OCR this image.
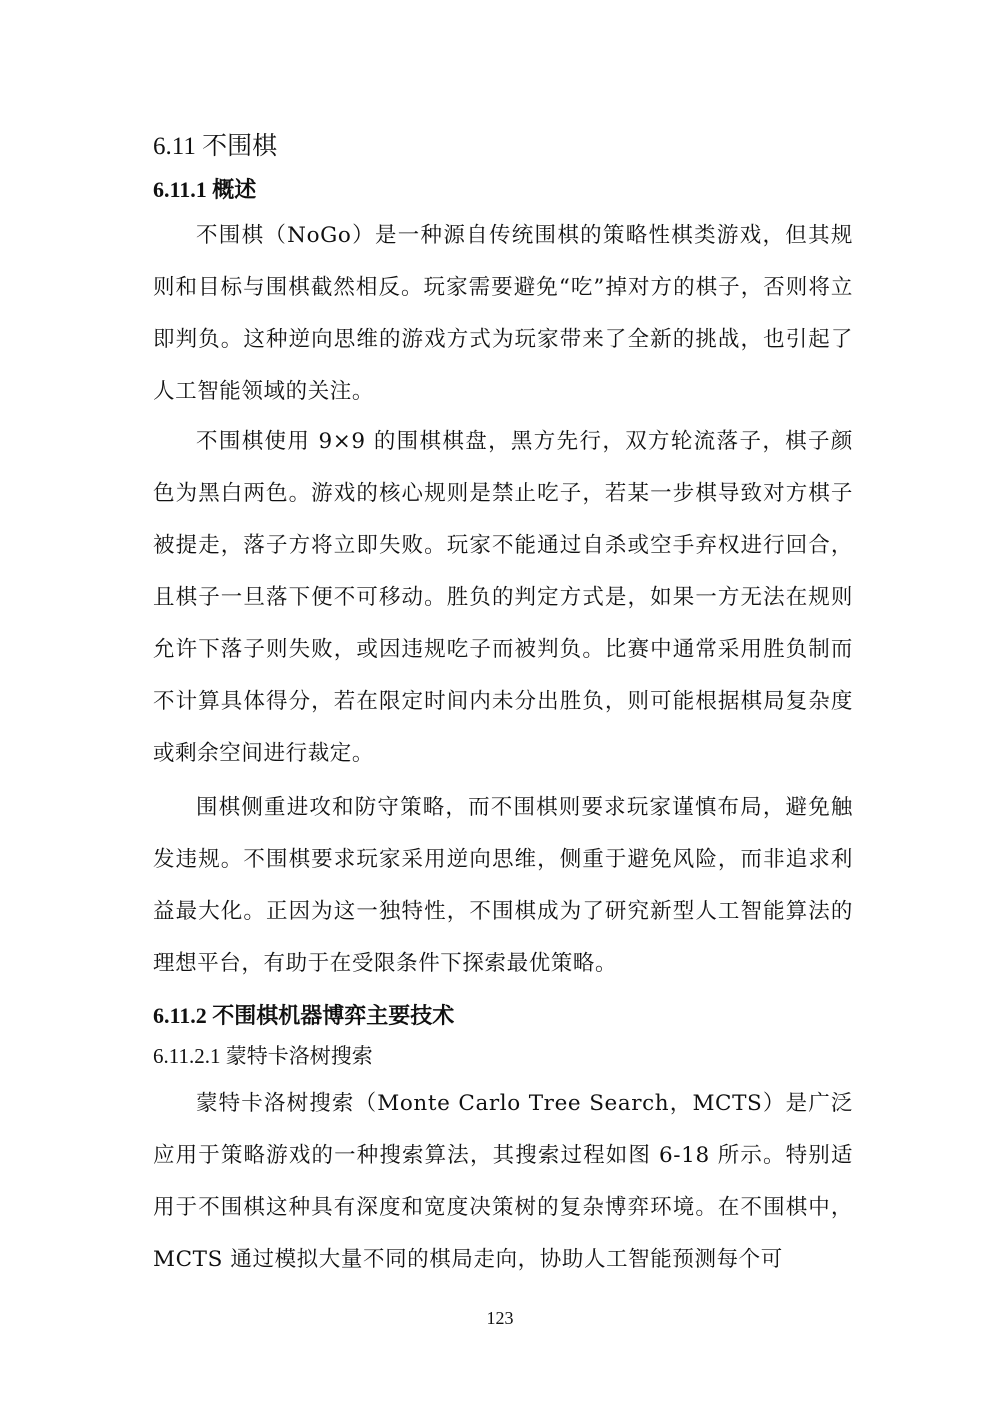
6.11 不围棋
6.11.1 概述

不围棋（NoGo）是一种源自传统围棋的策略性棋类游戏，但其规则和目标与围棋截然相反。玩家需要避免“吃”掉对方的棋子，否则将立即判负。这种逆向思维的游戏方式为玩家带来了全新的挑战，也引起了人工智能领域的关注。

不围棋使用 9×9 的围棋棋盘，黑方先行，双方轮流落子，棋子颜色为黑白两色。游戏的核心规则是禁止吃子，若某一步棋导致对方棋子被提走，落子方将立即失败。玩家不能通过自杀或空手弃权进行回合，且棋子一旦落下便不可移动。胜负的判定方式是，如果一方无法在规则允许下落子则失败，或因违规吃子而被判负。比赛中通常采用胜负制而不计算具体得分，若在限定时间内未分出胜负，则可能根据棋局复杂度或剩余空间进行裁定。

围棋侧重进攻和防守策略，而不围棋则要求玩家谨慎布局，避免触发违规。不围棋要求玩家采用逆向思维，侧重于避免风险，而非追求利益最大化。正因为这一独特性，不围棋成为了研究新型人工智能算法的理想平台，有助于在受限条件下探索最优策略。

6.11.2 不围棋机器博弈主要技术
6.11.2.1 蒙特卡洛树搜索

蒙特卡洛树搜索（Monte Carlo Tree Search，MCTS）是广泛应用于策略游戏的一种搜索算法，其搜索过程如图 6-18 所示。特别适用于不围棋这种具有深度和宽度决策树的复杂博弈环境。在不围棋中，MCTS 通过模拟大量不同的棋局走向，协助人工智能预测每个可

123
